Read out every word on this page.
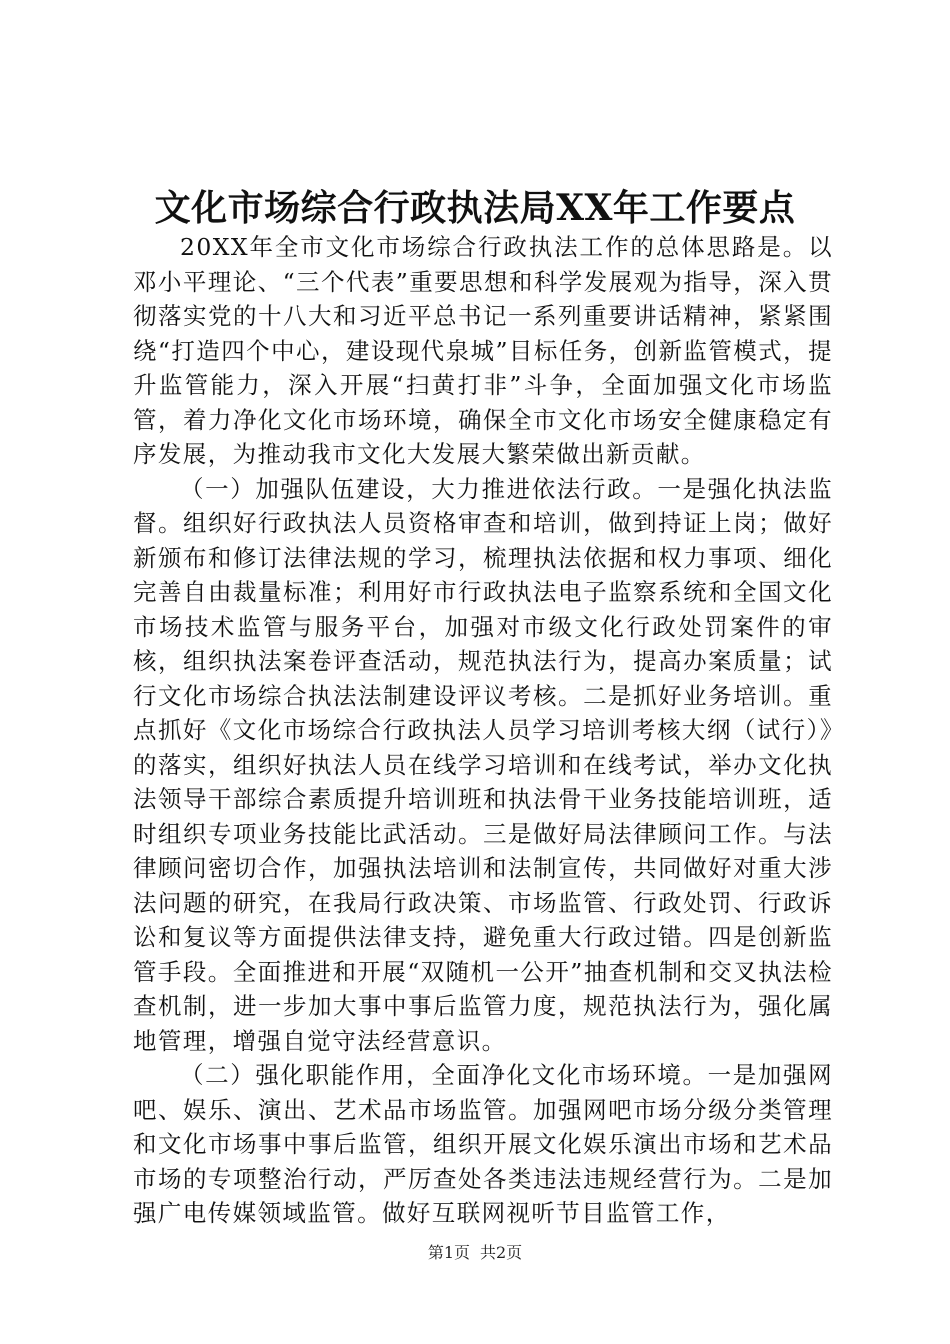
文化市场综合行政执法局XX年工作要点

20XX年全市文化市场综合行政执法工作的总体思路是。以邓小平理论、“三个代表”重要思想和科学发展观为指导，深入贯彻落实党的十八大和习近平总书记一系列重要讲话精神，紧紧围绕“打造四个中心，建设现代泉城”目标任务，创新监管模式，提升监管能力，深入开展“扫黄打非”斗争，全面加强文化市场监管，着力净化文化市场环境，确保全市文化市场安全健康稳定有序发展，为推动我市文化大发展大繁荣做出新贡献。

（一）加强队伍建设，大力推进依法行政。一是强化执法监督。组织好行政执法人员资格审查和培训，做到持证上岗；做好新颁布和修订法律法规的学习，梳理执法依据和权力事项、细化完善自由裁量标准；利用好市行政执法电子监察系统和全国文化市场技术监管与服务平台，加强对市级文化行政处罚案件的审核，组织执法案卷评查活动，规范执法行为，提高办案质量；试行文化市场综合执法法制建设评议考核。二是抓好业务培训。重点抓好《文化市场综合行政执法人员学习培训考核大纲（试行）》的落实，组织好执法人员在线学习培训和在线考试，举办文化执法领导干部综合素质提升培训班和执法骨干业务技能培训班，适时组织专项业务技能比武活动。三是做好局法律顾问工作。与法律顾问密切合作，加强执法培训和法制宣传，共同做好对重大涉法问题的研究，在我局行政决策、市场监管、行政处罚、行政诉讼和复议等方面提供法律支持，避免重大行政过错。四是创新监管手段。全面推进和开展“双随机一公开”抽查机制和交叉执法检查机制，进一步加大事中事后监管力度，规范执法行为，强化属地管理，增强自觉守法经营意识。

（二）强化职能作用，全面净化文化市场环境。一是加强网吧、娱乐、演出、艺术品市场监管。加强网吧市场分级分类管理和文化市场事中事后监管，组织开展文化娱乐演出市场和艺术品市场的专项整治行动，严厉查处各类违法违规经营行为。二是加强广电传媒领域监管。做好互联网视听节目监管工作，

第1页 共2页
